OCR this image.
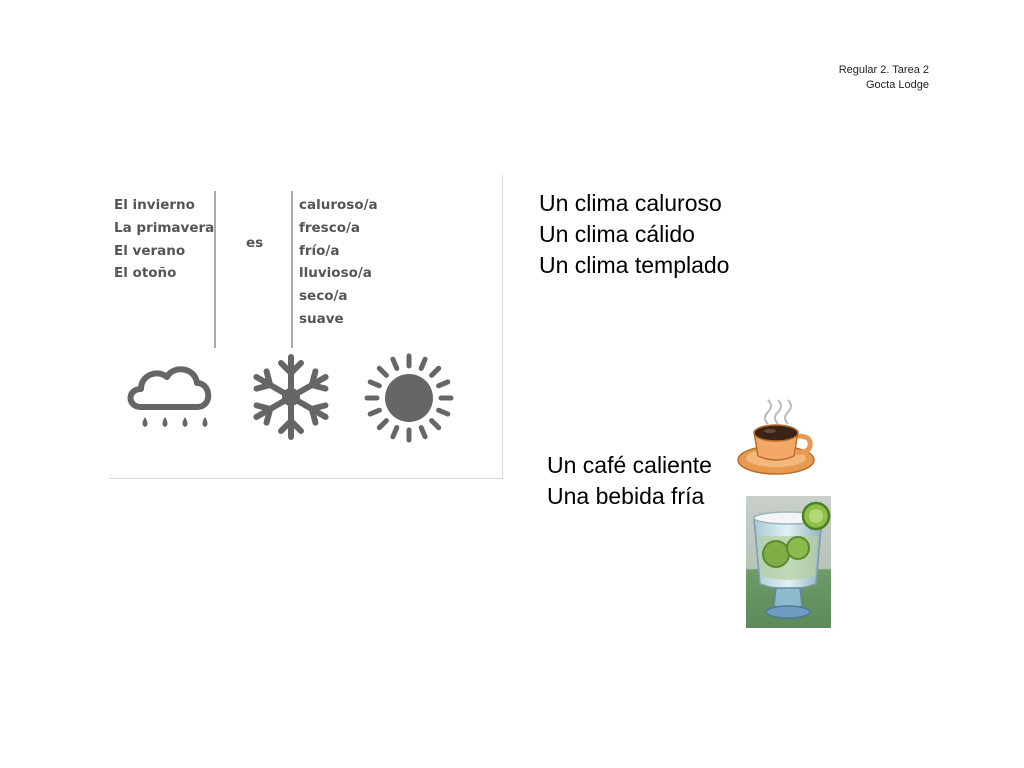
Regular 2. Tarea 2
Gocta Lodge
El invierno
La primavera
El verano
El otoño
es
caluroso/a
fresco/a
frío/a
lluvioso/a
seco/a
suave
Un clima caluroso
Un clima cálido
Un clima templado
Un café caliente
Una bebida fría
